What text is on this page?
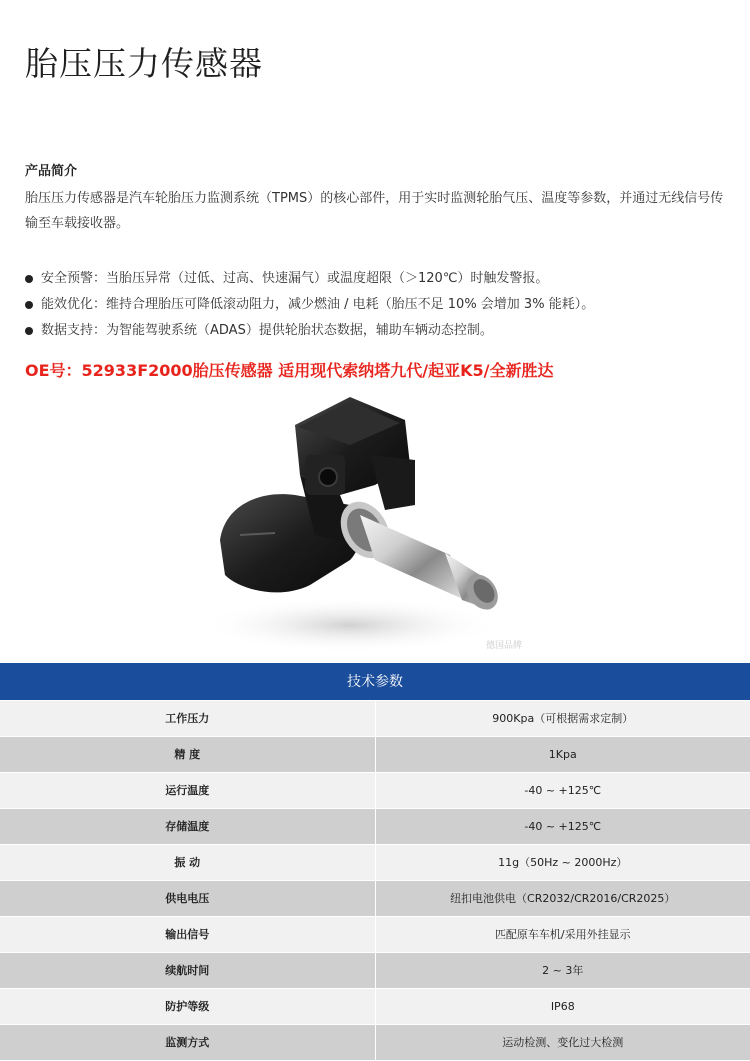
胎压压力传感器
产品简介

胎压压力传感器是汽车轮胎压力监测系统（TPMS）的核心部件，用于实时监测轮胎气压、温度等参数，并通过无线信号传输至车载接收器。

安全预警：当胎压异常（过低、过高、快速漏气）或温度超限（＞120℃）时触发警报。
能效优化：维持合理胎压可降低滚动阻力，减少燃油 / 电耗（胎压不足 10% 会增加 3% 能耗）。
数据支持：为智能驾驶系统（ADAS）提供轮胎状态数据，辅助车辆动态控制。
OE号：52933F2000胎压传感器 适用现代索纳塔九代/起亚K5/全新胜达
德国品牌
技术参数	
工作压力	900Kpa（可根据需求定制）
精 度	1Kpa
运行温度	-40 ~ +125℃
存储温度	-40 ~ +125℃
振 动	11g（50Hz ~ 2000Hz）
供电电压	纽扣电池供电（CR2032/CR2016/CR2025）
输出信号	匹配原车车机/采用外挂显示
续航时间	2 ~ 3年
防护等级	IP68
监测方式	运动检测、变化过大检测
